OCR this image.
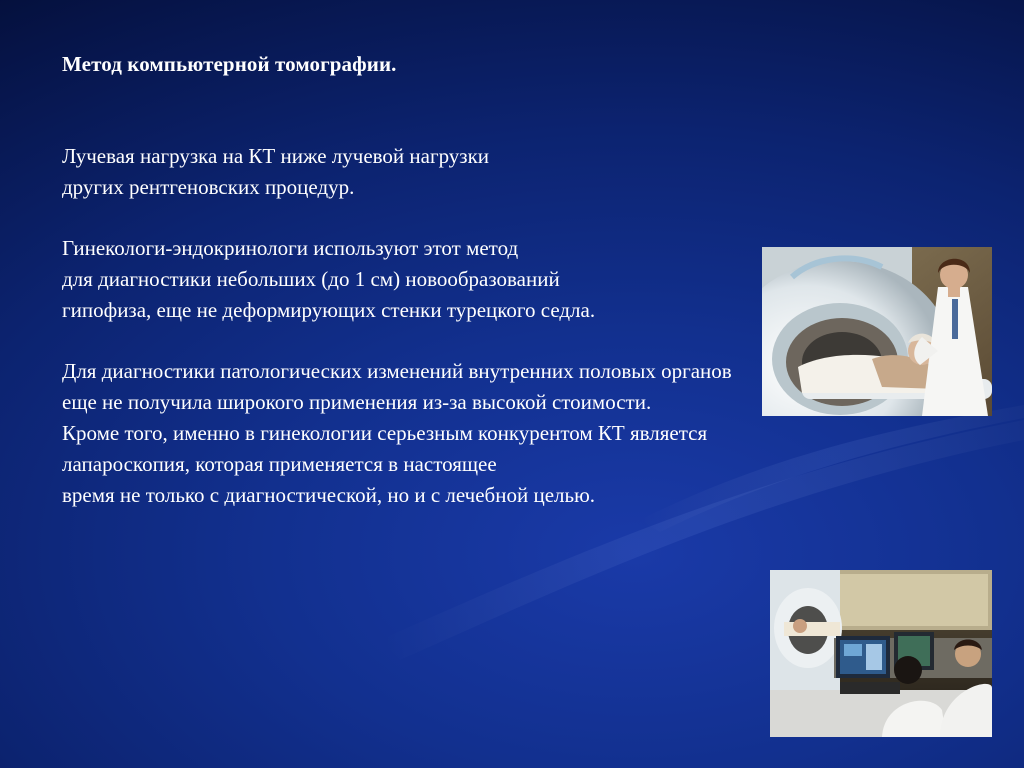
Метод компьютерной томографии.
Лучевая нагрузка на КТ ниже лучевой нагрузки
других рентгеновских процедур.
Гинекологи-эндокринологи используют этот метод
для диагностики небольших (до 1 см) новообразований
гипофиза, еще не деформирующих стенки турецкого седла.
Для диагностики патологических изменений внутренних половых органов
еще не получила широкого применения из-за высокой стоимости.
Кроме того, именно в гинекологии серьезным конкурентом КТ является
лапароскопия, которая применяется в настоящее
время не только с диагностической, но и с лечебной целью.
